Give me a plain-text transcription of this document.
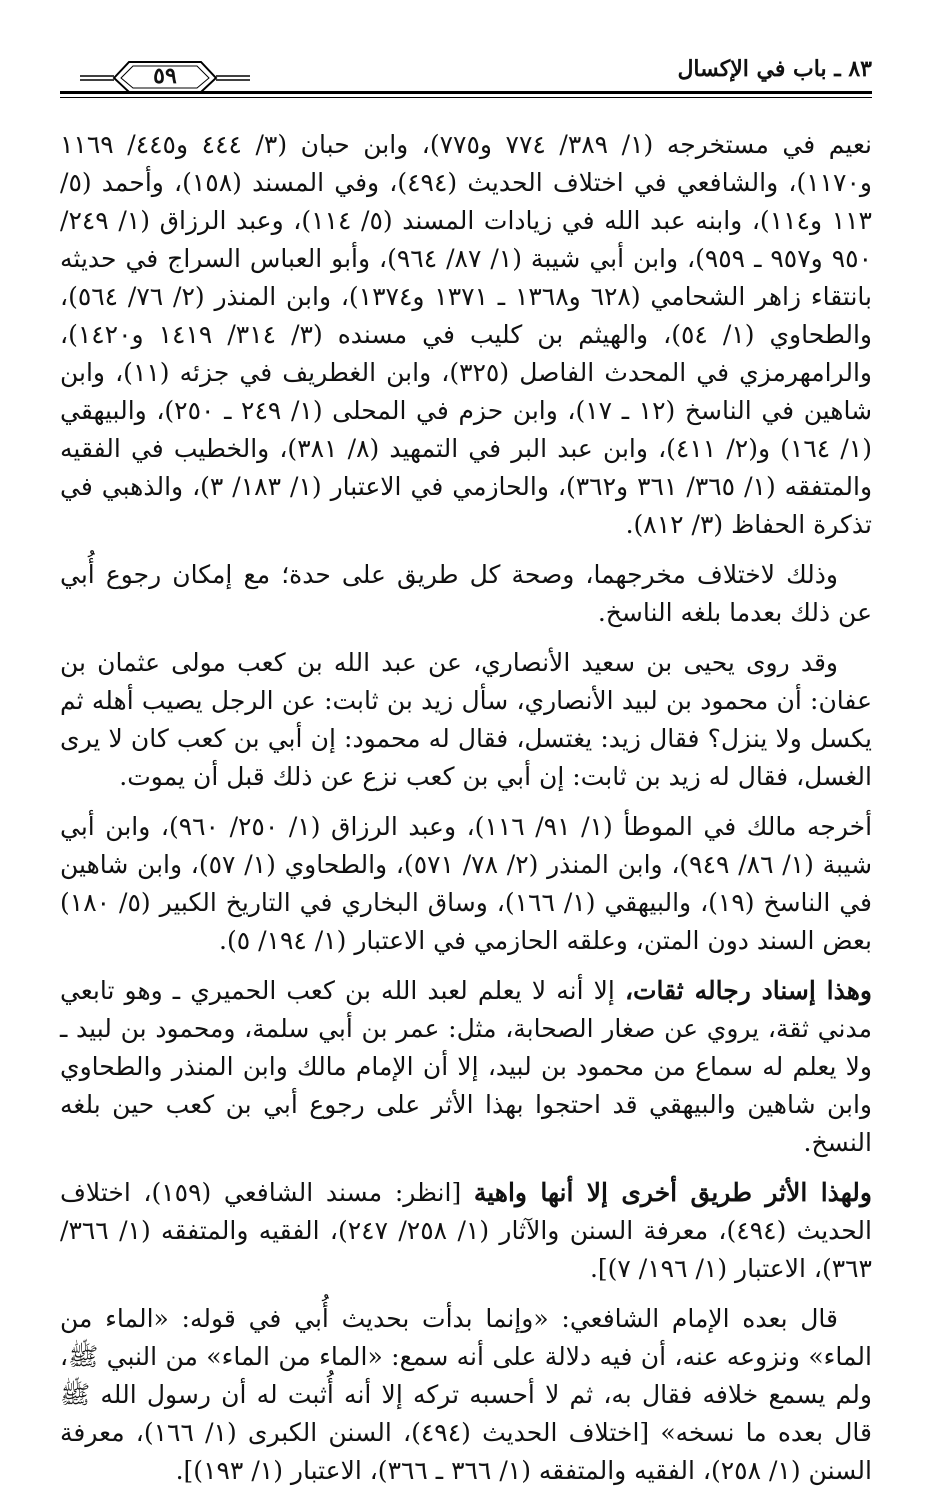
٨٣ ـ باب في الإكسال
٥٩

نعيم في مستخرجه (١/ ٣٨٩/ ٧٧٤ و٧٧٥)، وابن حبان (٣/ ٤٤٤ و٤٤٥/ ١١٦٩ و١١٧٠)، والشافعي في اختلاف الحديث (٤٩٤)، وفي المسند (١٥٨)، وأحمد (٥/ ١١٣ و١١٤)، وابنه عبد الله في زيادات المسند (٥/ ١١٤)، وعبد الرزاق (١/ ٢٤٩/ ٩٥٠ و٩٥٧ ـ ٩٥٩)، وابن أبي شيبة (١/ ٨٧/ ٩٦٤)، وأبو العباس السراج في حديثه بانتقاء زاهر الشحامي (٦٢٨ و١٣٦٨ ـ ١٣٧١ و١٣٧٤)، وابن المنذر (٢/ ٧٦/ ٥٦٤)، والطحاوي (١/ ٥٤)، والهيثم بن كليب في مسنده (٣/ ٣١٤/ ١٤١٩ و١٤٢٠)، والرامهرمزي في المحدث الفاصل (٣٢٥)، وابن الغطريف في جزئه (١١)، وابن شاهين في الناسخ (١٢ ـ ١٧)، وابن حزم في المحلى (١/ ٢٤٩ ـ ٢٥٠)، والبيهقي (١/ ١٦٤) و(٢/ ٤١١)، وابن عبد البر في التمهيد (٨/ ٣٨١)، والخطيب في الفقيه والمتفقه (١/ ٣٦٥/ ٣٦١ و٣٦٢)، والحازمي في الاعتبار (١/ ١٨٣/ ٣)، والذهبي في تذكرة الحفاظ (٣/ ٨١٢).

وذلك لاختلاف مخرجهما، وصحة كل طريق على حدة؛ مع إمكان رجوع أُبي عن ذلك بعدما بلغه الناسخ.

وقد روى يحيى بن سعيد الأنصاري، عن عبد الله بن كعب مولى عثمان بن عفان: أن محمود بن لبيد الأنصاري، سأل زيد بن ثابت: عن الرجل يصيب أهله ثم يكسل ولا ينزل؟ فقال زيد: يغتسل، فقال له محمود: إن أبي بن كعب كان لا يرى الغسل، فقال له زيد بن ثابت: إن أبي بن كعب نزع عن ذلك قبل أن يموت.

أخرجه مالك في الموطأ (١/ ٩١/ ١١٦)، وعبد الرزاق (١/ ٢٥٠/ ٩٦٠)، وابن أبي شيبة (١/ ٨٦/ ٩٤٩)، وابن المنذر (٢/ ٧٨/ ٥٧١)، والطحاوي (١/ ٥٧)، وابن شاهين في الناسخ (١٩)، والبيهقي (١/ ١٦٦)، وساق البخاري في التاريخ الكبير (٥/ ١٨٠) بعض السند دون المتن، وعلقه الحازمي في الاعتبار (١/ ١٩٤/ ٥).

وهذا إسناد رجاله ثقات، إلا أنه لا يعلم لعبد الله بن كعب الحميري ـ وهو تابعي مدني ثقة، يروي عن صغار الصحابة، مثل: عمر بن أبي سلمة، ومحمود بن لبيد ـ ولا يعلم له سماع من محمود بن لبيد، إلا أن الإمام مالك وابن المنذر والطحاوي وابن شاهين والبيهقي قد احتجوا بهذا الأثر على رجوع أبي بن كعب حين بلغه النسخ.

ولهذا الأثر طريق أخرى إلا أنها واهية [انظر: مسند الشافعي (١٥٩)، اختلاف الحديث (٤٩٤)، معرفة السنن والآثار (١/ ٢٥٨/ ٢٤٧)، الفقيه والمتفقه (١/ ٣٦٦/ ٣٦٣)، الاعتبار (١/ ١٩٦/ ٧)].

قال بعده الإمام الشافعي: «وإنما بدأت بحديث أُبي في قوله: «الماء من الماء» ونزوعه عنه، أن فيه دلالة على أنه سمع: «الماء من الماء» من النبي ﷺ، ولم يسمع خلافه فقال به، ثم لا أحسبه تركه إلا أنه أُثبت له أن رسول الله ﷺ قال بعده ما نسخه» [اختلاف الحديث (٤٩٤)، السنن الكبرى (١/ ١٦٦)، معرفة السنن (١/ ٢٥٨)، الفقيه والمتفقه (١/ ٣٦٦ ـ ٣٦٦)، الاعتبار (١/ ١٩٣)].
